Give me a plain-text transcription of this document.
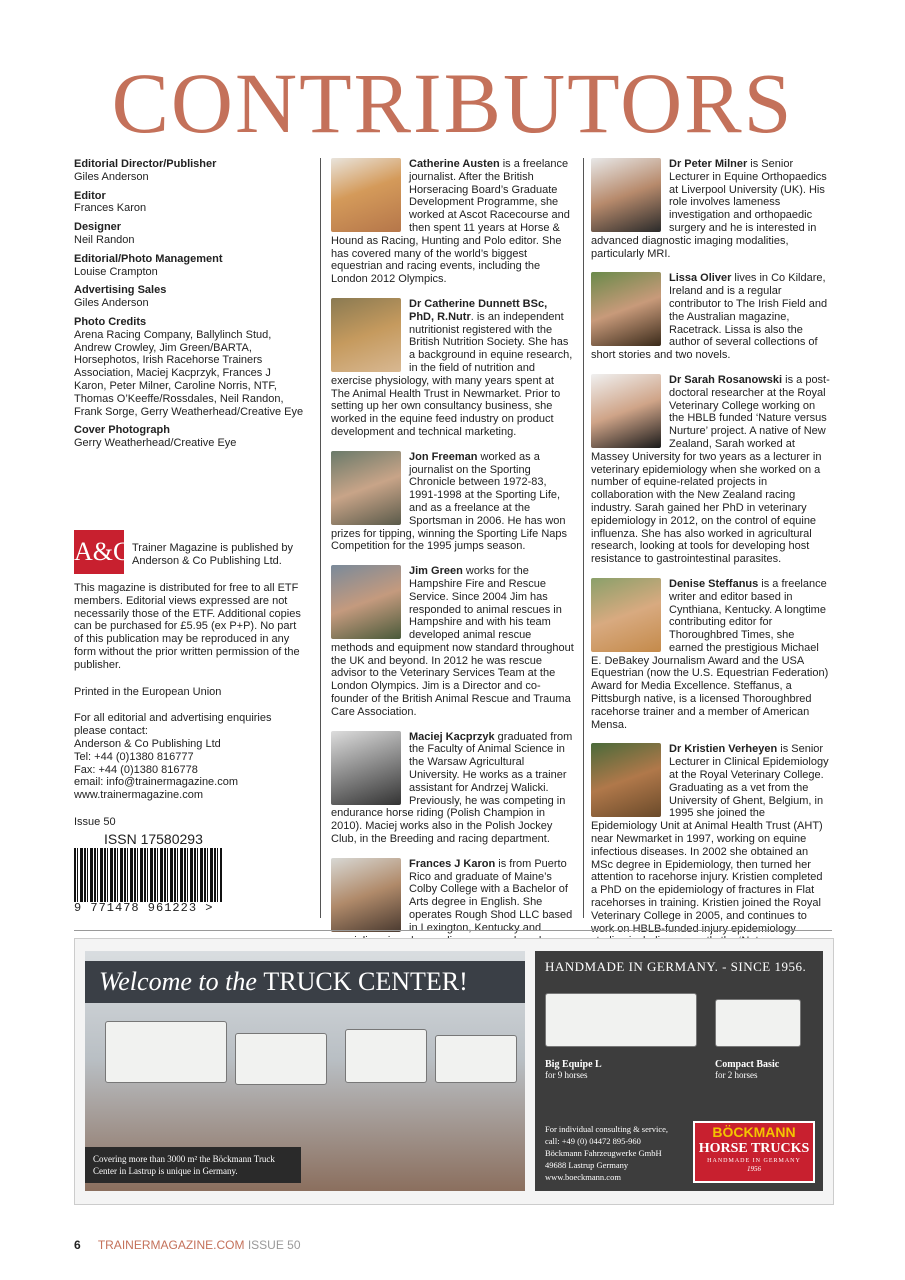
CONTRIBUTORS
Editorial Director/Publisher
Giles Anderson
Editor
Frances Karon
Designer
Neil Randon
Editorial/Photo Management
Louise Crampton
Advertising Sales
Giles Anderson
Photo Credits
Arena Racing Company, Ballylinch Stud, Andrew Crowley, Jim Green/BARTA, Horsephotos, Irish Racehorse Trainers Association, Maciej Kacprzyk, Frances J Karon, Peter Milner, Caroline Norris, NTF, Thomas O’Keeffe/Rossdales, Neil Randon, Frank Sorge, Gerry Weatherhead/Creative Eye
Cover Photograph
Gerry Weatherhead/Creative Eye
A&Co
Trainer Magazine is published by Anderson & Co Publishing Ltd.

This magazine is distributed for free to all ETF members. Editorial views expressed are not necessarily those of the ETF. Additional copies can be purchased for £5.95 (ex P+P). No part of this publication may be reproduced in any form without the prior written permission of the publisher.

Printed in the European Union

For all editorial and advertising enquiries please contact:
Anderson & Co Publishing Ltd
Tel: +44 (0)1380 816777
Fax: +44 (0)1380 816778
email: info@trainermagazine.com
www.trainermagazine.com

Issue 50

ISSN 17580293
9 771478 961223 >
Catherine Austen is a freelance journalist. After the British Horseracing Board’s Graduate Development Programme, she worked at Ascot Racecourse and then spent 11 years at Horse & Hound as Racing, Hunting and Polo editor. She has covered many of the world’s biggest equestrian and racing events, including the London 2012 Olympics.
Dr Catherine Dunnett BSc, PhD, R.Nutr. is an independent nutritionist registered with the British Nutrition Society. She has a background in equine research, in the field of nutrition and exercise physiology, with many years spent at The Animal Health Trust in Newmarket. Prior to setting up her own consultancy business, she worked in the equine feed industry on product development and technical marketing.
Jon Freeman worked as a journalist on the Sporting Chronicle between 1972-83, 1991-1998 at the Sporting Life, and as a freelance at the Sportsman in 2006. He has won prizes for tipping, winning the Sporting Life Naps Competition for the 1995 jumps season.
Jim Green works for the Hampshire Fire and Rescue Service. Since 2004 Jim has responded to animal rescues in Hampshire and with his team developed animal rescue methods and equipment now standard throughout the UK and beyond. In 2012 he was rescue advisor to the Veterinary Services Team at the London Olympics. Jim is a Director and co-founder of the British Animal Rescue and Trauma Care Association.
Maciej Kacprzyk graduated from the Faculty of Animal Science in the Warsaw Agricultural University. He works as a trainer assistant for Andrzej Walicki. Previously, he was competing in endurance horse riding (Polish Champion in 2010). Maciej works also in the Polish Jockey Club, in the Breeding and racing department.
Frances J Karon is from Puerto Rico and graduate of Maine’s Colby College with a Bachelor of Arts degree in English. She operates Rough Shod LLC based in Lexington, Kentucky and
Dr Peter Milner is Senior Lecturer in Equine Orthopaedics at Liverpool University (UK). His role involves lameness investigation and orthopaedic surgery and he is interested in advanced diagnostic imaging modalities, particularly MRI.
Lissa Oliver lives in Co Kildare, Ireland and is a regular contributor to The Irish Field and the Australian magazine, Racetrack. Lissa is also the author of several collections of short stories and two novels.
Dr Sarah Rosanowski is a post-doctoral researcher at the Royal Veterinary College working on the HBLB funded ‘Nature versus Nurture’ project. A native of New Zealand, Sarah worked at Massey University for two years as a lecturer in veterinary epidemiology when she worked on a number of equine-related projects in collaboration with the New Zealand racing industry. Sarah gained her PhD in veterinary epidemiology in 2012, on the control of equine influenza. She has also worked in agricultural research, looking at tools for developing host resistance to gastrointestinal parasites.
Denise Steffanus is a freelance writer and editor based in Cynthiana, Kentucky. A longtime contributing editor for Thoroughbred Times, she earned the prestigious Michael E. DeBakey Journalism Award and the USA Equestrian (now the U.S. Equestrian Federation) Award for Media Excellence. Steffanus, a Pittsburgh native, is a licensed Thoroughbred racehorse trainer and a member of American Mensa.
Dr Kristien Verheyen is Senior Lecturer in Clinical Epidemiology at the Royal Veterinary College. Graduating as a vet from the University of Ghent, Belgium, in 1995 she joined the Epidemiology Unit at Animal Health Trust (AHT) near Newmarket in 1997, working on equine infectious diseases. In 2002 she obtained an MSc degree in Epidemiology, then turned her attention to racehorse injury. Kristien completed a PhD on the epidemiology of fractures in Flat racehorses in training. Kristien joined the Royal Veterinary College in 2005, and continues to work on HBLB-funded injury epidemiology
Welcome to the TRUCK CENTER!
Covering more than 3000 m² the Böckmann Truck Center in Lastrup is unique in Germany.
HANDMADE IN GERMANY. - SINCE 1956.
Big Equipe L
for 9 horses
Compact Basic
for 2 horses
For individual consulting & service,
call: +49 (0) 04472 895-960
Böckmann Fahrzeugwerke GmbH
49688 Lastrup Germany
www.boeckmann.com
BÖCKMANN
HORSE TRUCKS
HANDMADE IN GERMANY
1956
6 TRAINERMAGAZINE.COM ISSUE 50
